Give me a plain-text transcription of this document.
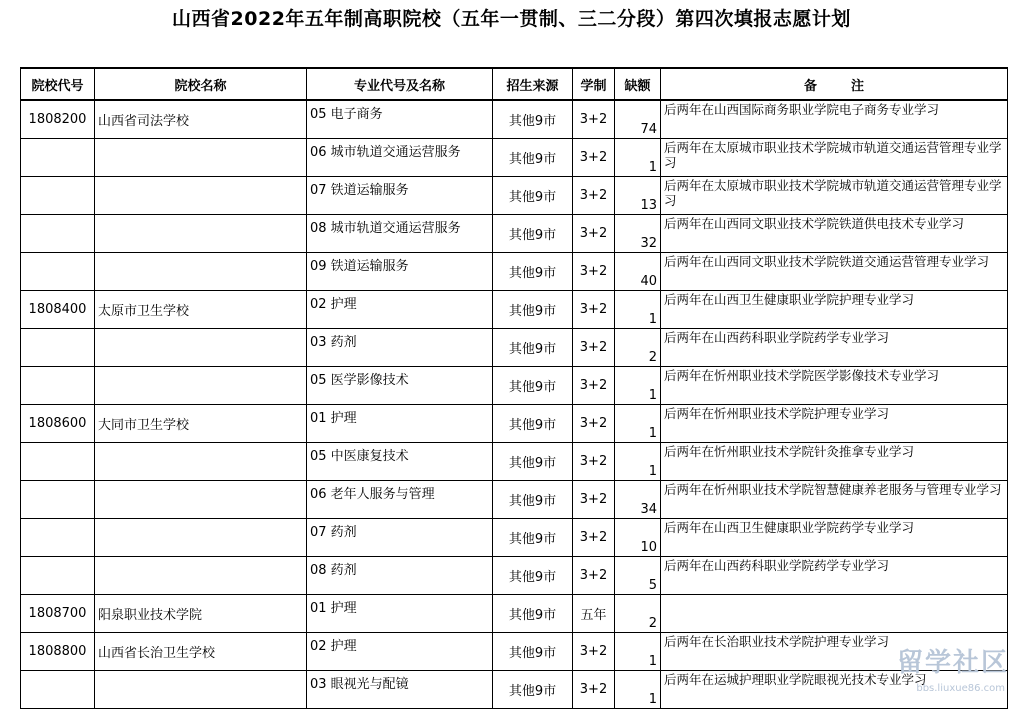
山西省2022年五年制高职院校（五年一贯制、三二分段）第四次填报志愿计划
院校代号	院校名称	专业代号及名称	招生来源	学制	缺额	备注
1808200	山西省司法学校	05 电子商务	其他9市	3+2	74	后两年在山西国际商务职业学院电子商务专业学习
		06 城市轨道交通运营服务	其他9市	3+2	1	后两年在太原城市职业技术学院城市轨道交通运营管理专业学习
		07 铁道运输服务	其他9市	3+2	13	后两年在太原城市职业技术学院城市轨道交通运营管理专业学习
		08 城市轨道交通运营服务	其他9市	3+2	32	后两年在山西同文职业技术学院铁道供电技术专业学习
		09 铁道运输服务	其他9市	3+2	40	后两年在山西同文职业技术学院铁道交通运营管理专业学习
1808400	太原市卫生学校	02 护理	其他9市	3+2	1	后两年在山西卫生健康职业学院护理专业学习
		03 药剂	其他9市	3+2	2	后两年在山西药科职业学院药学专业学习
		05 医学影像技术	其他9市	3+2	1	后两年在忻州职业技术学院医学影像技术专业学习
1808600	大同市卫生学校	01 护理	其他9市	3+2	1	后两年在忻州职业技术学院护理专业学习
		05 中医康复技术	其他9市	3+2	1	后两年在忻州职业技术学院针灸推拿专业学习
		06 老年人服务与管理	其他9市	3+2	34	后两年在忻州职业技术学院智慧健康养老服务与管理专业学习
		07 药剂	其他9市	3+2	10	后两年在山西卫生健康职业学院药学专业学习
		08 药剂	其他9市	3+2	5	后两年在山西药科职业学院药学专业学习
1808700	阳泉职业技术学院	01 护理	其他9市	五年	2	
1808800	山西省长治卫生学校	02 护理	其他9市	3+2	1	后两年在长治职业技术学院护理专业学习
		03 眼视光与配镜	其他9市	3+2	1	后两年在运城护理职业学院眼视光技术专业学习
留学社区
bbs.liuxue86.com
